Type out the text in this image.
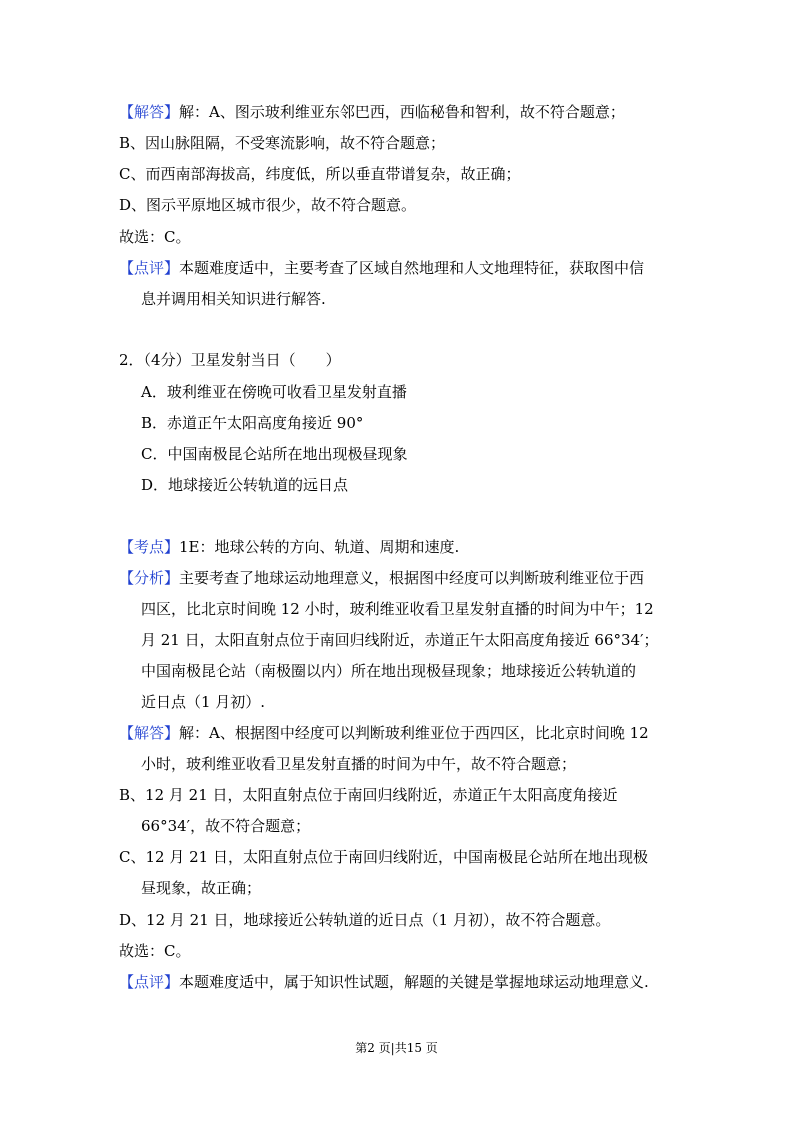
【解答】解：A、图示玻利维亚东邻巴西，西临秘鲁和智利，故不符合题意；
B、因山脉阻隔，不受寒流影响，故不符合题意；
C、而西南部海拔高，纬度低，所以垂直带谱复杂，故正确；
D、图示平原地区城市很少，故不符合题意。
故选：C。
【点评】本题难度适中，主要考查了区域自然地理和人文地理特征，获取图中信
息并调用相关知识进行解答.
2．（4分）卫星发射当日（　　）
A．玻利维亚在傍晚可收看卫星发射直播
B．赤道正午太阳高度角接近 90°
C．中国南极昆仑站所在地出现极昼现象
D．地球接近公转轨道的远日点
【考点】1E：地球公转的方向、轨道、周期和速度.
【分析】主要考查了地球运动地理意义，根据图中经度可以判断玻利维亚位于西
四区，比北京时间晚 12 小时，玻利维亚收看卫星发射直播的时间为中午；12
月 21 日，太阳直射点位于南回归线附近，赤道正午太阳高度角接近 66°34′；
中国南极昆仑站（南极圈以内）所在地出现极昼现象；地球接近公转轨道的
近日点（1 月初）.
【解答】解：A、根据图中经度可以判断玻利维亚位于西四区，比北京时间晚 12
小时，玻利维亚收看卫星发射直播的时间为中午，故不符合题意；
B、12 月 21 日，太阳直射点位于南回归线附近，赤道正午太阳高度角接近
66°34′，故不符合题意；
C、12 月 21 日，太阳直射点位于南回归线附近，中国南极昆仑站所在地出现极
昼现象，故正确；
D、12 月 21 日，地球接近公转轨道的近日点（1 月初），故不符合题意。
故选：C。
【点评】本题难度适中，属于知识性试题，解题的关键是掌握地球运动地理意义.
第2 页|共15 页
